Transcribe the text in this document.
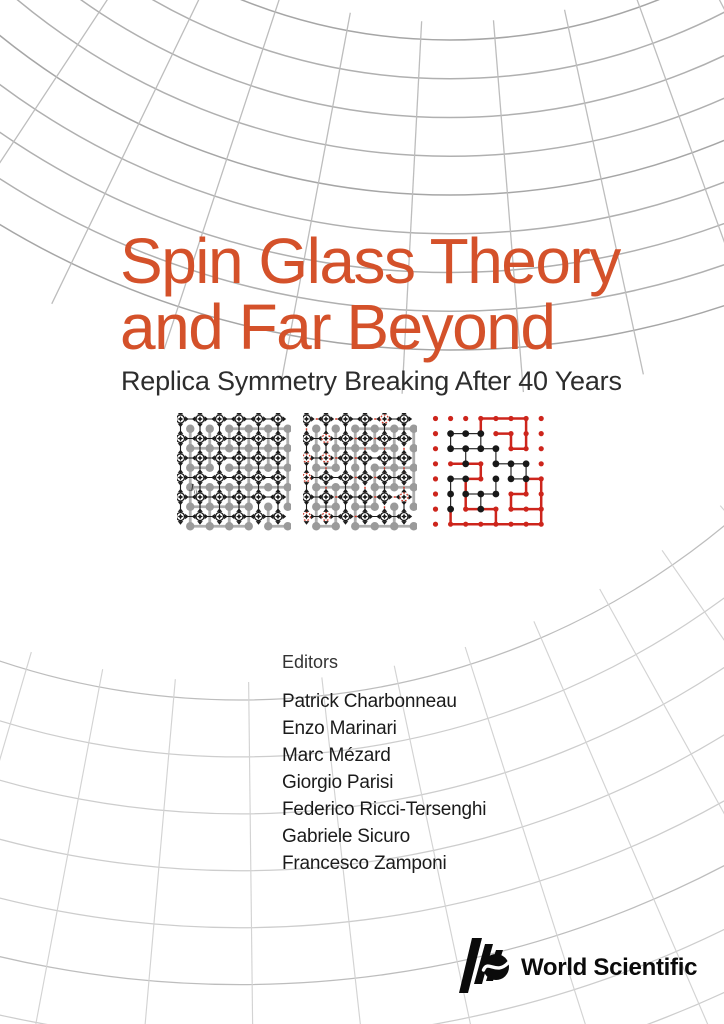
Spin Glass Theory
and Far Beyond
Replica Symmetry Breaking After 40 Years
$J_{ij}$
Editors
Patrick Charbonneau
Enzo Marinari
Marc Mézard
Giorgio Parisi
Federico Ricci-Tersenghi
Gabriele Sicuro
Francesco Zamponi
World Scientific
